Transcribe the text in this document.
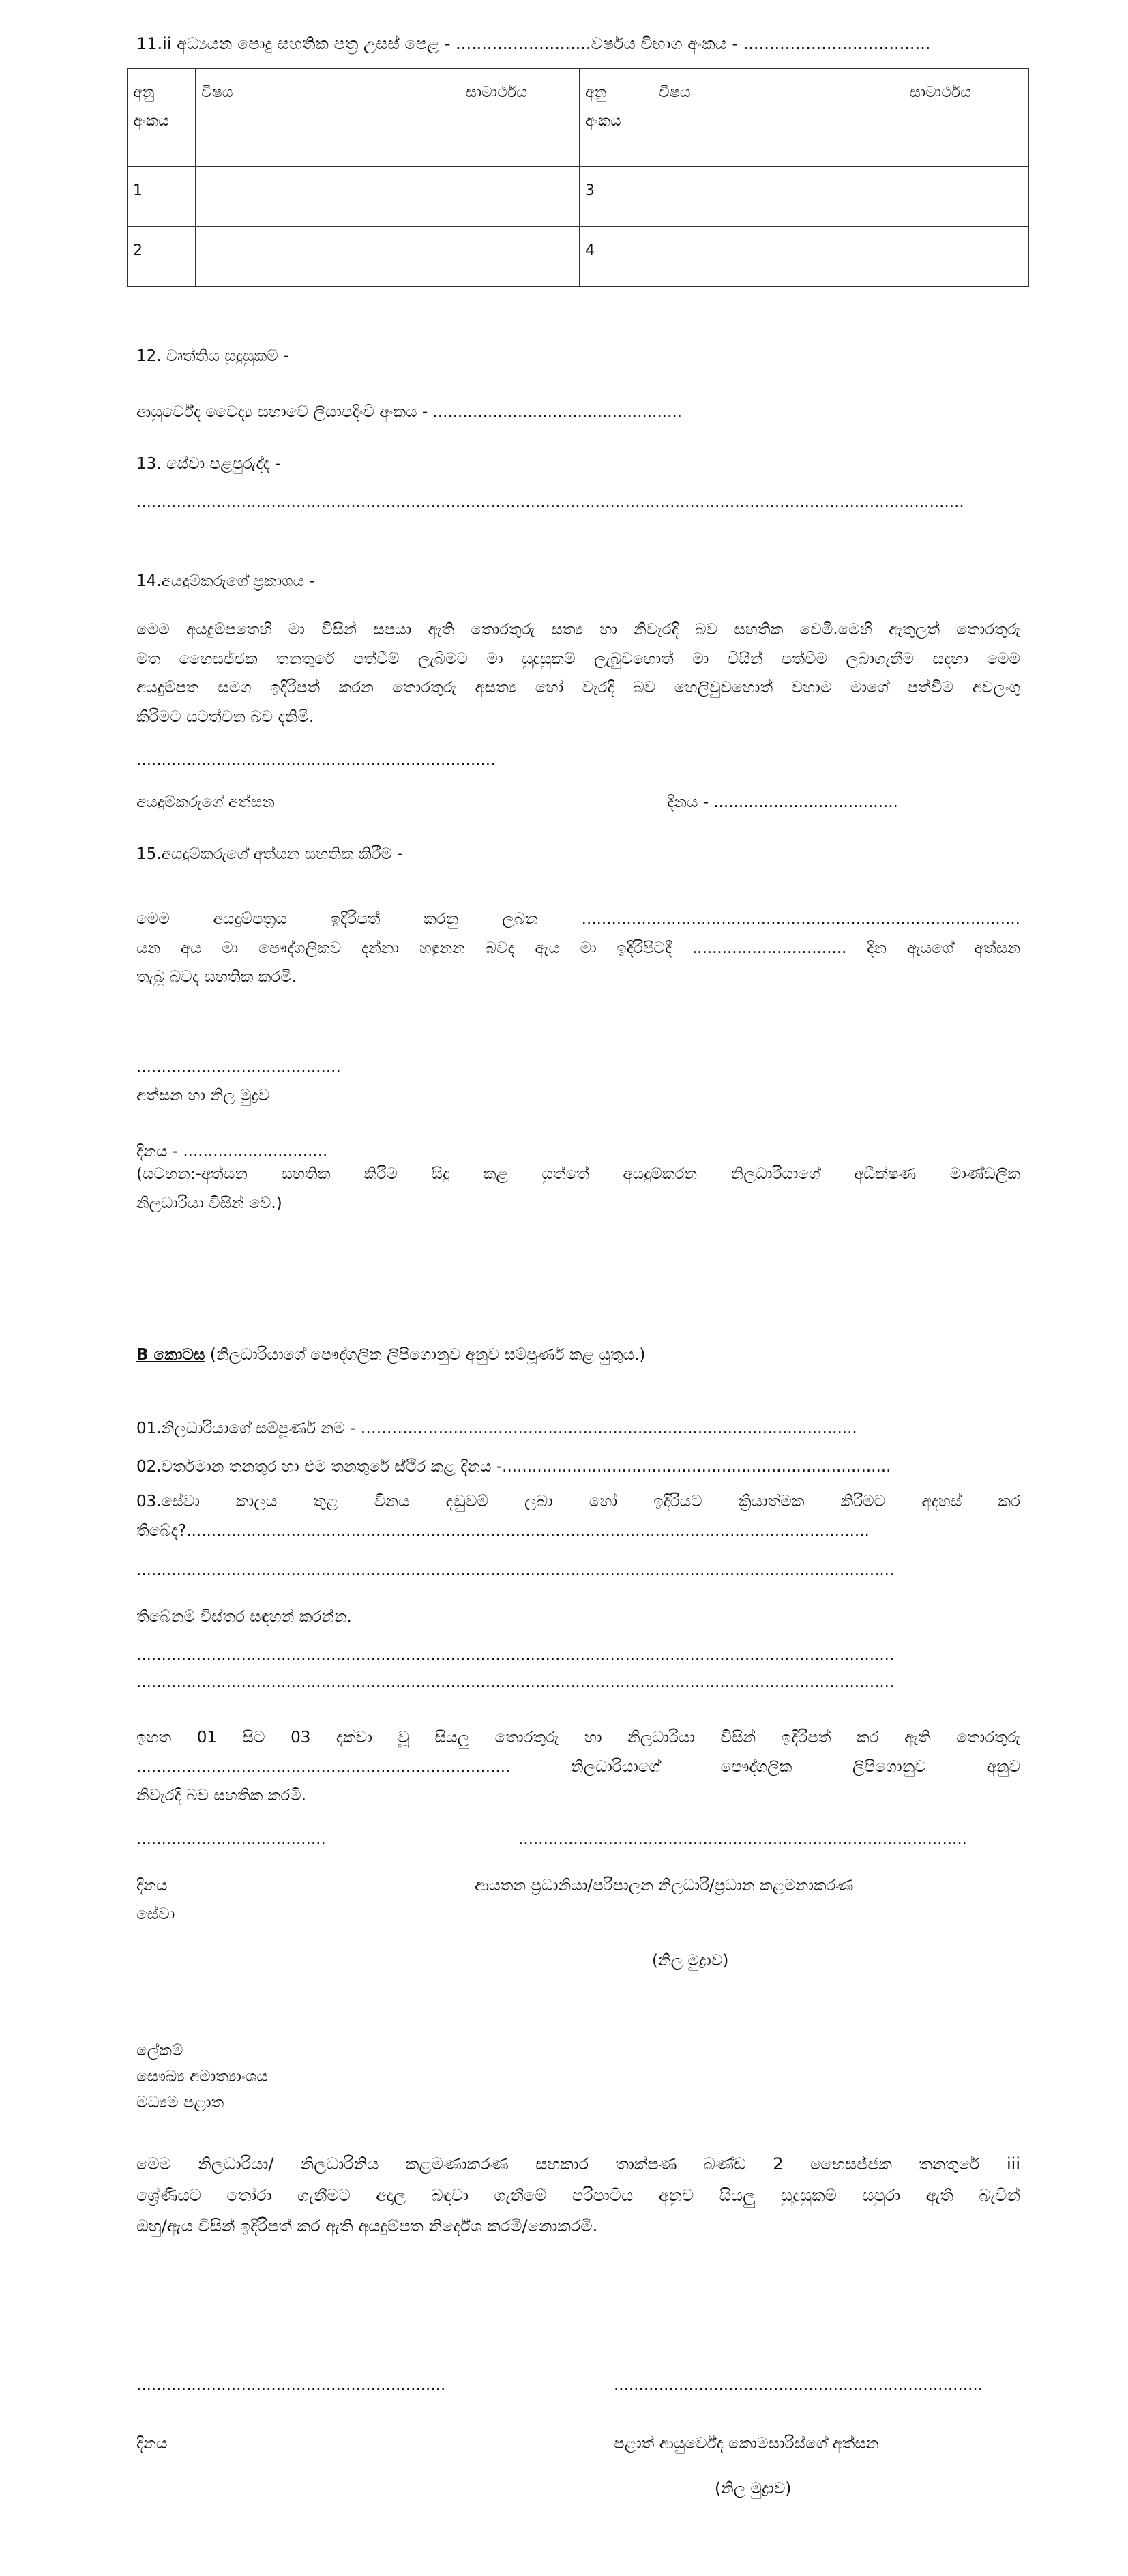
11.ii අධ්‍යයන පොදු සහතික පත්‍ර උසස් පෙළ - ..........................වර්ෂය විභාග අංකය - ....................................
අනු අංකය	විෂය	සාමාර්ථය	අනු අංකය	විෂය	සාමාර්ථය
1			3		
2			4		
12. වෘත්තිය සුදුසුකම් -
ආයුර්වේද වෛද්‍ය සභාවේ ලියාපදිංචි අංකය - ..................................................
13. සේවා පළපුරුද්ද -
......................................................................................................................................................................
14.අයදුම්කරුගේ ප්‍රකාශය -
මෙම අයදුම්පතෙහි මා විසින් සපයා ඇති තොරතුරු සත්‍ය හා නිවැරදි බව සහතික වෙමි.මෙහි ඇතුලත් තොරතුරු
මත භෛසජ්ජක තනතුරේ පත්වීම් ලැබීමට මා සුදුසුකම් ලැබුවහොත් මා විසින් පත්වීම ලබාගැනීම සදහා මෙම
අයදුම්පත සමග ඉදිරිපත් කරන තොරතුරු අසත්‍ය හෝ වැරදි බව හෙලිවුවහොත් වහාම මාගේ පත්වීම අවලංගු
කිරීමට යටත්වන බව දනිමි.
........................................................................
අයදුම්කරුගේ අත්සන	දිනය - .....................................
15.අයදුම්කරුගේ අත්සන සහතික කිරීම -
මෙම අයදුම්පත්‍රය ඉදිරිපත් කරනු ලබන ........................................................................................
යන අය මා පෞද්ගලිකව දන්නා හඳුනන බවද ඇය මා ඉදිරිපිටදී ............................... දින ඇයගේ අත්සන
තැබූ බවද සහතික කරමි.
.........................................
අත්සන හා නිල මුද්‍රව
දිනය - .............................
(සටහන:-අත්සන සහතික කිරීම සිදු කළ යුත්තේ අයදුම්කරන නිලධාරියාගේ අධීක්ෂණ මාණ්ඩලික
නිලධාරියා විසින් වේ.)
B කොටස (නිලධාරියාගේ පෞද්ගලික ලිපිගොනුව අනුව සම්පූර්ණ කළ යුතුය.)
01.නිලධාරියාගේ සම්පූර්ණ නම - ………..….....................................................................................
02.වර්තමාන තනතුර හා එම තනතුරේ ස්ථිර කළ දිනය -..............................................................................
03.සේවා කාලය තුළ විනය දඬුවම් ලබා හෝ ඉදිරියට ක්‍රියාත්මක කිරීමට අදහස් කර
තිබේද?.........................................................................................................................................
........................................................................................................................................................
තිබේනම් විස්තර සඳහන් කරන්න.
........................................................................................................................................................
........................................................................................................................................................
ඉහත 01 සිට 03 දක්වා වූ සියලු තොරතුරු හා නිලධාරියා විසින් ඉදිරිපත් කර ඇති තොරතුරු
........................................................................... නිලධාරියාගේ පෞද්ගලික ලිපිගොනුව අනුව
නිවැරදි බව සහතික කරමි.
......................................	..........................................................................................
දිනය	ආයතන ප්‍රධානියා/පරිපාලන නිලධාරි/ප්‍රධාන කළමනාකරණ
සේවා
(නිල මුද්‍රාව)
ලේකම්
සෞඛ්‍ය අමාත්‍යාංශය
මධ්‍යම පළාත
මෙම නිලධාරියා/ නිලධාරිනිය කළමණාකරණ සහකාර තාක්ෂණ බණ්ඩ 2 භෛසජ්ජක තනතුරේ iii
ශ්‍රේණියට තෝරා ගැනීමට අදාල බඳවා ගැනීමේ පරිපාටිය අනුව සියලු සුදුසුකම් සපුරා ඇති බැවින්
ඔහු/ඇය විසින් ඉදිරිපත් කර ඇති අයදුම්පත නිර්දේශ කරමි/නොකරමි.
..............................................................	..........................................................................
දිනය	පළාත් ආයුර්වේද කොමසාරිස්ගේ අත්සන
(නිල මුද්‍රාව)
